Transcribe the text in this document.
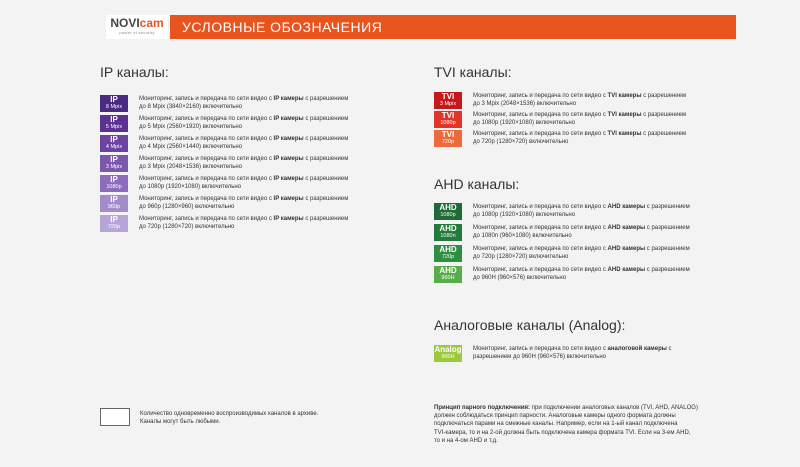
NOVIcam
power of security	УСЛОВНЫЕ ОБОЗНАЧЕНИЯ
IP каналы:	TVI каналы:
AHD каналы:
Аналоговые каналы (Analog):
IP
8 Mpix
Мониторинг, запись и передача по сети видео с IP камеры с разрешением
до 8 Mpix (3840×2160) включительно
IP
5 Mpix
Мониторинг, запись и передача по сети видео с IP камеры с разрешением
до 5 Mpix (2560×1920) включительно
IP
4 Mpix
Мониторинг, запись и передача по сети видео с IP камеры с разрешением
до 4 Mpix (2560×1440) включительно
IP
3 Mpix
Мониторинг, запись и передача по сети видео с IP камеры с разрешением
до 3 Mpix (2048×1536) включительно
IP
1080p
Мониторинг, запись и передача по сети видео с IP камеры с разрешением
до 1080p (1920×1080) включительно
IP
960p
Мониторинг, запись и передача по сети видео с IP камеры с разрешением
до 960p (1280×960) включительно
IP
720p
Мониторинг, запись и передача по сети видео с IP камеры с разрешением
до 720p (1280×720) включительно
TVI
3 Mpix
Мониторинг, запись и передача по сети видео с TVI камеры с разрешением
до 3 Mpix (2048×1536) включительно
TVI
1080p
Мониторинг, запись и передача по сети видео с TVI камеры с разрешением
до 1080p (1920×1080) включительно
TVI
720p
Мониторинг, запись и передача по сети видео с TVI камеры с разрешением
до 720p (1280×720) включительно
AHD
1080p
Мониторинг, запись и передача по сети видео с AHD камеры с разрешением
до 1080p (1920×1080) включительно
AHD
1080n
Мониторинг, запись и передача по сети видео с AHD камеры с разрешением
до 1080n (960×1080) включительно
AHD
720p
Мониторинг, запись и передача по сети видео с AHD камеры с разрешением
до 720p (1280×720) включительно
AHD
960H
Мониторинг, запись и передача по сети видео с AHD камеры с разрешением
до 960H (960×576) включительно
Analog
960H
Мониторинг, запись и передача по сети видео с аналоговой камеры с
разрешением до 960H (960×576) включительно
Количество одновременно воспроизводимых каналов в архиве.
Каналы могут быть любыми.
Принцип парного подключения: при подключении аналоговых каналов (TVI, AHD, ANALOG)
должен соблюдаться принцип парности. Аналоговые камеры одного формата должны
подключаться парами на смежные каналы. Например, если на 1-ый канал подключена
TVI-камера, то и на 2-ой должна быть подключена камера формата TVI. Если на 3-ем AHD,
то и на 4-ом AHD и т.д.
